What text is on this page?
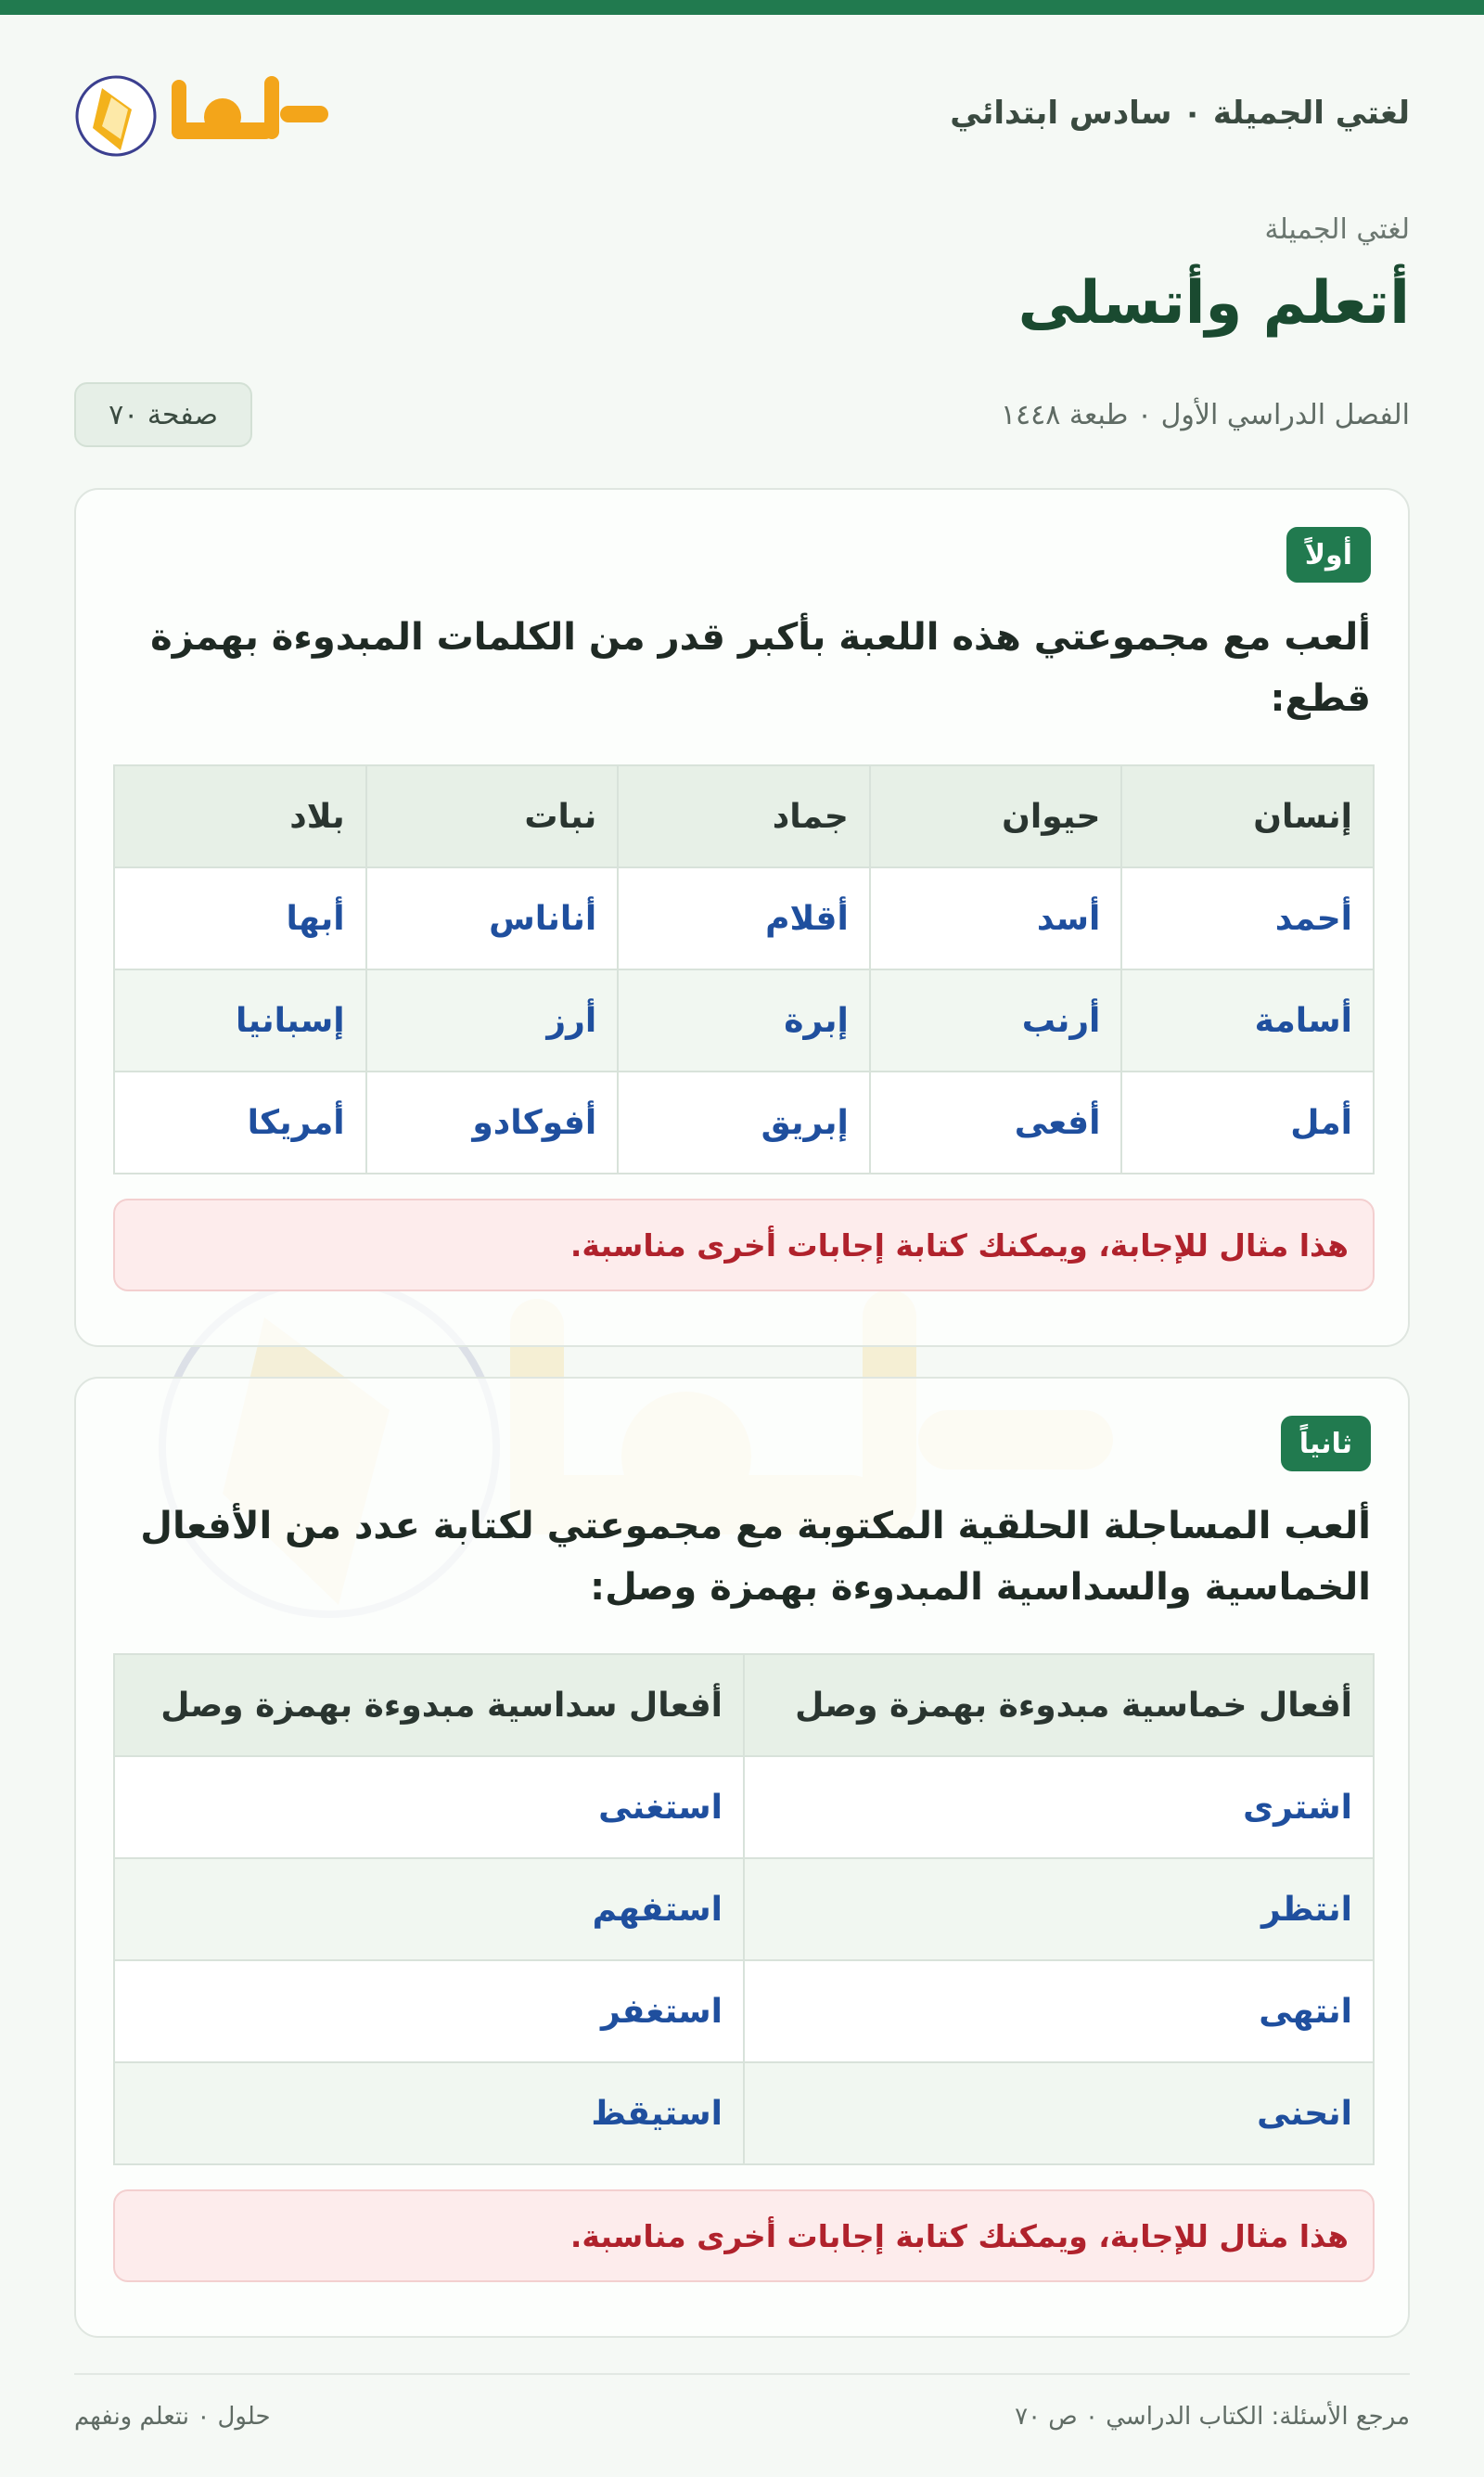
لغتي الجميلة ٠ سادس ابتدائي
لغتي الجميلة
أتعلم وأتسلى
الفصل الدراسي الأول ٠ طبعة ١٤٤٨
صفحة ٧٠
أولاً

ألعب مع مجموعتي هذه اللعبة بأكبر قدر من الكلمات المبدوءة بهمزة قطع:

إنسان	حيوان	جماد	نبات	بلاد
أحمد	أسد	أقلام	أناناس	أبها
أسامة	أرنب	إبرة	أرز	إسبانيا
أمل	أفعى	إبريق	أفوكادو	أمريكا
هذا مثال للإجابة، ويمكنك كتابة إجابات أخرى مناسبة.
ثانياً

ألعب المساجلة الحلقية المكتوبة مع مجموعتي لكتابة عدد من الأفعال الخماسية والسداسية المبدوءة بهمزة وصل:

أفعال خماسية مبدوءة بهمزة وصل	أفعال سداسية مبدوءة بهمزة وصل
اشترى	استغنى
انتظر	استفهم
انتهى	استغفر
انحنى	استيقظ
هذا مثال للإجابة، ويمكنك كتابة إجابات أخرى مناسبة.
مرجع الأسئلة: الكتاب الدراسي ٠ ص ٧٠
حلول ٠ نتعلم ونفهم
